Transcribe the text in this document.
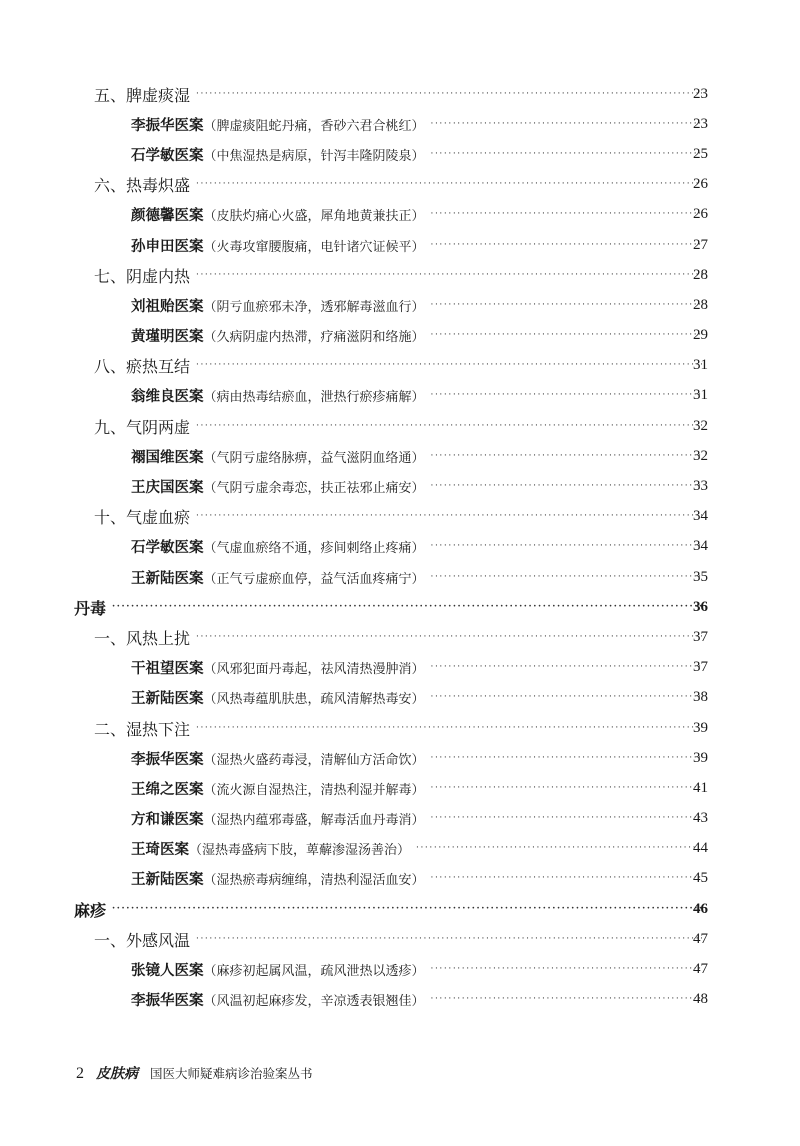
五、脾虚痰湿 ·····	23
李振华医案（脾虚痰阻蛇丹痛，香砂六君合桃红） ·····	23
石学敏医案（中焦湿热是病原，针泻丰隆阴陵泉） ·····	25
六、热毒炽盛 ·····	26
颜德馨医案（皮肤灼痛心火盛，犀角地黄兼扶正） ·····	26
孙申田医案（火毒攻窜腰腹痛，电针诸穴证候平） ·····	27
七、阴虚内热 ·····	28
刘祖贻医案（阴亏血瘀邪未净，透邪解毒滋血行） ·····	28
黄瑾明医案（久病阴虚内热滞，疗痛滋阴和络施） ·····	29
八、瘀热互结 ·····	31
翁维良医案（病由热毒结瘀血，泄热行瘀疹痛解） ·····	31
九、气阴两虚 ·····	32
禤国维医案（气阴亏虚络脉痹，益气滋阴血络通） ·····	32
王庆国医案（气阴亏虚余毒恋，扶正祛邪止痛安） ·····	33
十、气虚血瘀 ·····	34
石学敏医案（气虚血瘀络不通，疹间刺络止疼痛） ·····	34
王新陆医案（正气亏虚瘀血停，益气活血疼痛宁） ·····	35
丹毒 ·····	36
一、风热上扰 ·····	37
干祖望医案（风邪犯面丹毒起，祛风清热漫肿消） ·····	37
王新陆医案（风热毒蕴肌肤患，疏风清解热毒安） ·····	38
二、湿热下注 ·····	39
李振华医案（湿热火盛药毒浸，清解仙方活命饮） ·····	39
王绵之医案（流火源自湿热注，清热利湿并解毒） ·····	41
方和谦医案（湿热内蕴邪毒盛，解毒活血丹毒消） ·····	43
王琦医案（湿热毒盛病下肢，萆薢渗湿汤善治） ·····	44
王新陆医案（湿热瘀毒病缠绵，清热利湿活血安） ·····	45
麻疹 ·····	46
一、外感风温 ·····	47
张镜人医案（麻疹初起属风温，疏风泄热以透疹） ·····	47
李振华医案（风温初起麻疹发，辛凉透表银翘佳） ·····	48
2 皮肤病 国医大师疑难病诊治验案丛书
